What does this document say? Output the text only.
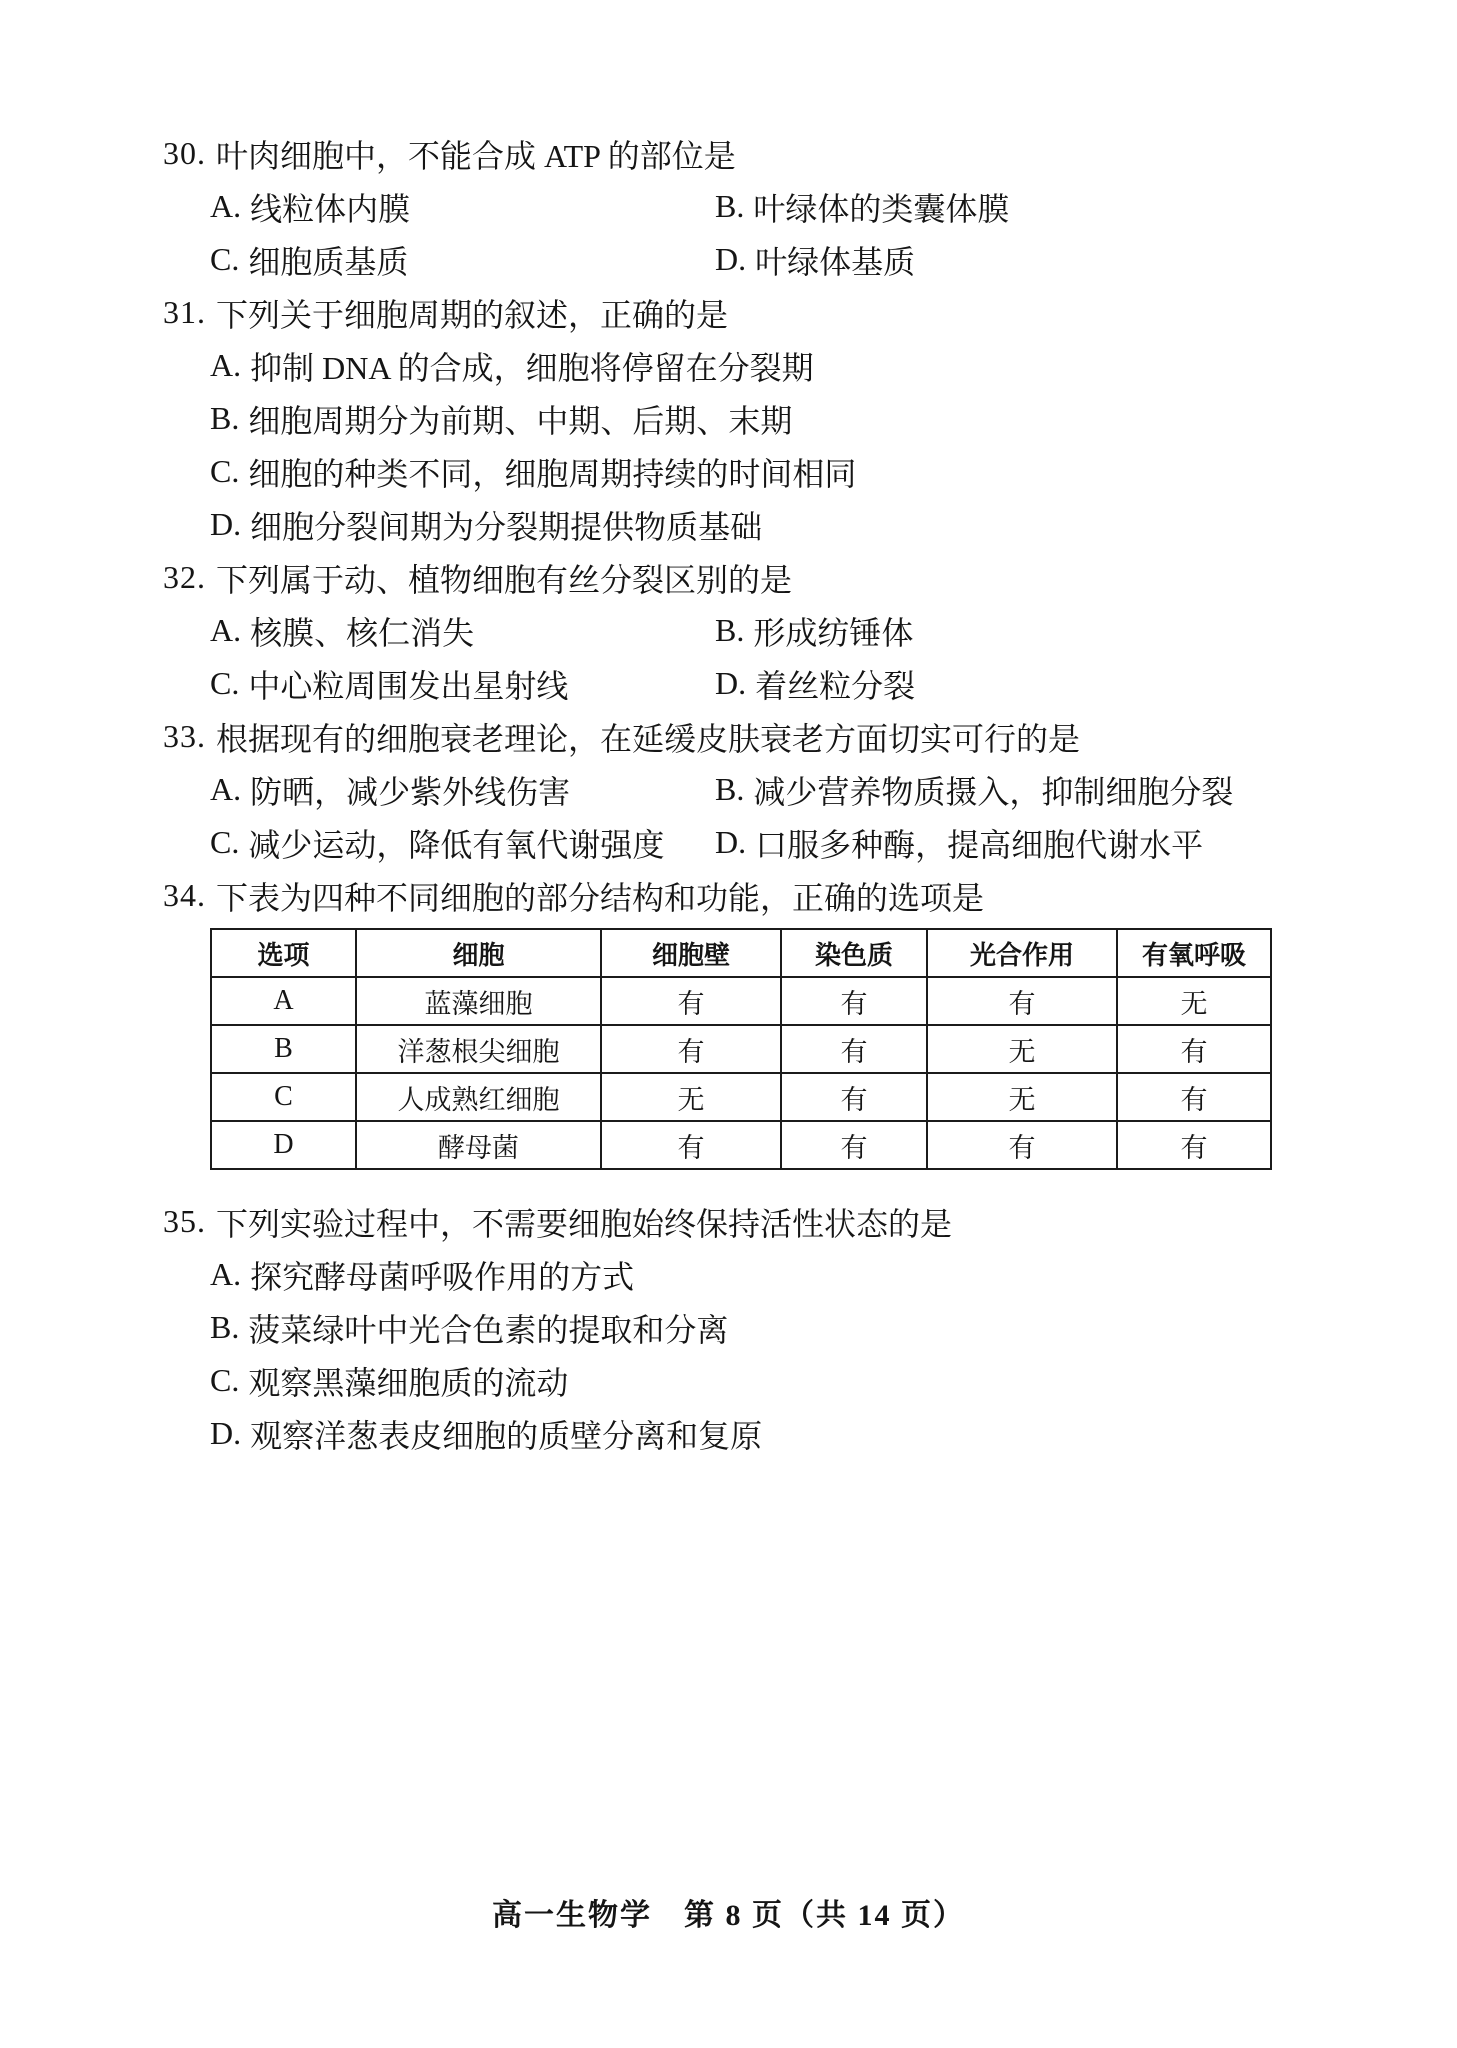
30. 叶肉细胞中，不能合成 ATP 的部位是
A. 线粒体内膜	B. 叶绿体的类囊体膜
C. 细胞质基质	D. 叶绿体基质
31. 下列关于细胞周期的叙述，正确的是
A. 抑制 DNA 的合成，细胞将停留在分裂期
B. 细胞周期分为前期、中期、后期、末期
C. 细胞的种类不同，细胞周期持续的时间相同
D. 细胞分裂间期为分裂期提供物质基础
32. 下列属于动、植物细胞有丝分裂区别的是
A. 核膜、核仁消失	B. 形成纺锤体
C. 中心粒周围发出星射线	D. 着丝粒分裂
33. 根据现有的细胞衰老理论，在延缓皮肤衰老方面切实可行的是
A. 防晒，减少紫外线伤害	B. 减少营养物质摄入，抑制细胞分裂
C. 减少运动，降低有氧代谢强度 D. 口服多种酶，提高细胞代谢水平
34. 下表为四种不同细胞的部分结构和功能，正确的选项是
选项	细胞	细胞壁	染色质	光合作用	有氧呼吸
A	蓝藻细胞	有	有	有	无
B	洋葱根尖细胞	有	有	无	有
C	人成熟红细胞	无	有	无	有
D	酵母菌	有	有	有	有
35. 下列实验过程中，不需要细胞始终保持活性状态的是
A. 探究酵母菌呼吸作用的方式
B. 菠菜绿叶中光合色素的提取和分离
C. 观察黑藻细胞质的流动
D. 观察洋葱表皮细胞的质壁分离和复原
高一生物学　第 8 页（共 14 页）
